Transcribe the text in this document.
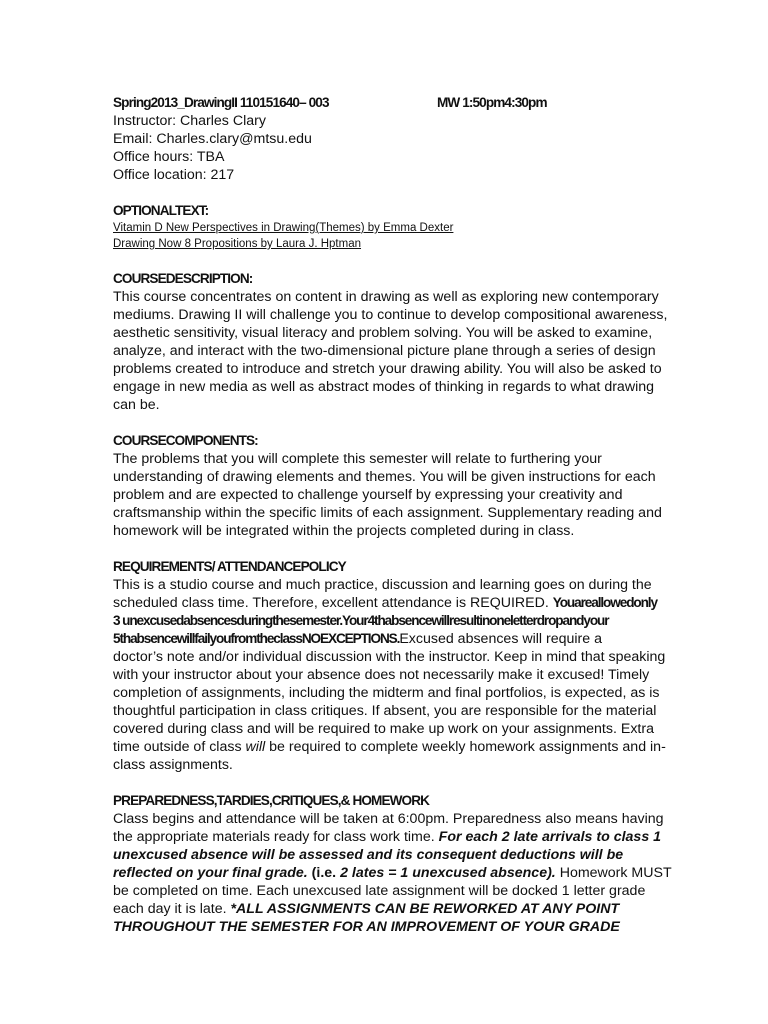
Spring2013_DrawingII 110151640– 003	MW 1:50pm4:30pm
Instructor: Charles Clary
Email: Charles.clary@mtsu.edu
Office hours: TBA
Office location: 217
OPTIONALTEXT:
Vitamin D New Perspectives in Drawing(Themes) by Emma Dexter
Drawing Now 8 Propositions by Laura J. Hptman
COURSEDESCRIPTION:
This course concentrates on content in drawing as well as exploring new contemporary
mediums. Drawing II will challenge you to continue to develop compositional awareness,
aesthetic sensitivity, visual literacy and problem solving. You will be asked to examine,
analyze, and interact with the two-dimensional picture plane through a series of design
problems created to introduce and stretch your drawing ability. You will also be asked to
engage in new media as well as abstract modes of thinking in regards to what drawing
can be.
COURSECOMPONENTS:
The problems that you will complete this semester will relate to furthering your
understanding of drawing elements and themes. You will be given instructions for each
problem and are expected to challenge yourself by expressing your creativity and
craftsmanship within the specific limits of each assignment. Supplementary reading and
homework will be integrated within the projects completed during in class.
REQUIREMENTS/ ATTENDANCEPOLICY
This is a studio course and much practice, discussion and learning goes on during the
scheduled class time. Therefore, excellent attendance is REQUIRED. Youareallowedonly
3 unexcusedabsencesduringthesemester.Your4thabsencewillresultinoneletterdropandyour
5thabsencewillfailyoufromtheclassNOEXCEPTIONS.Excused absences will require a
doctor’s note and/or individual discussion with the instructor. Keep in mind that speaking
with your instructor about your absence does not necessarily make it excused! Timely
completion of assignments, including the midterm and final portfolios, is expected, as is
thoughtful participation in class critiques. If absent, you are responsible for the material
covered during class and will be required to make up work on your assignments. Extra
time outside of class will be required to complete weekly homework assignments and in-
class assignments.
PREPAREDNESS,TARDIES,CRITIQUES,& HOMEWORK
Class begins and attendance will be taken at 6:00pm. Preparedness also means having
the appropriate materials ready for class work time. For each 2 late arrivals to class 1
unexcused absence will be assessed and its consequent deductions will be
reflected on your final grade. (i.e. 2 lates = 1 unexcused absence). Homework MUST
be completed on time. Each unexcused late assignment will be docked 1 letter grade
each day it is late. *ALL ASSIGNMENTS CAN BE REWORKED AT ANY POINT
THROUGHOUT THE SEMESTER FOR AN IMPROVEMENT OF YOUR GRADE
